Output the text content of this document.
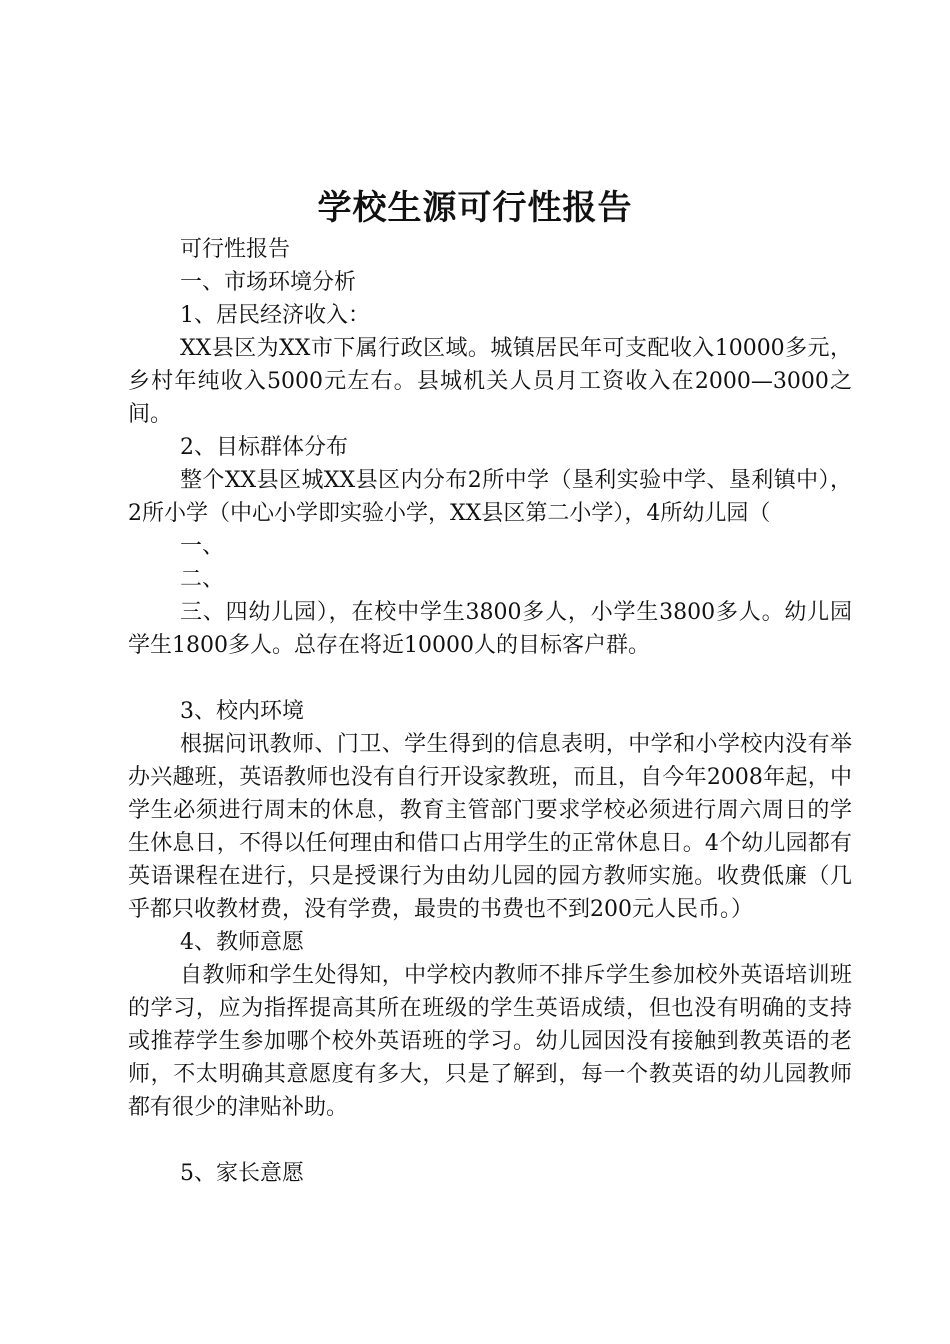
学校生源可行性报告

可行性报告

一、市场环境分析

1、居民经济收入：

XX县区为XX市下属行政区域。城镇居民年可支配收入10000多元，乡村年纯收入5000元左右。县城机关人员月工资收入在2000—3000之间。

2、目标群体分布

整个XX县区城XX县区内分布2所中学（垦利实验中学、垦利镇中），2所小学（中心小学即实验小学，XX县区第二小学），4所幼儿园（

一、

二、

三、四幼儿园），在校中学生3800多人，小学生3800多人。幼儿园学生1800多人。总存在将近10000人的目标客户群。

3、校内环境

根据问讯教师、门卫、学生得到的信息表明，中学和小学校内没有举办兴趣班，英语教师也没有自行开设家教班，而且，自今年2008年起，中学生必须进行周末的休息，教育主管部门要求学校必须进行周六周日的学生休息日，不得以任何理由和借口占用学生的正常休息日。4个幼儿园都有英语课程在进行，只是授课行为由幼儿园的园方教师实施。收费低廉（几乎都只收教材费，没有学费，最贵的书费也不到200元人民币。）

4、教师意愿

自教师和学生处得知，中学校内教师不排斥学生参加校外英语培训班的学习，应为指挥提高其所在班级的学生英语成绩，但也没有明确的支持或推荐学生参加哪个校外英语班的学习。幼儿园因没有接触到教英语的老师，不太明确其意愿度有多大，只是了解到，每一个教英语的幼儿园教师都有很少的津贴补助。

5、家长意愿
